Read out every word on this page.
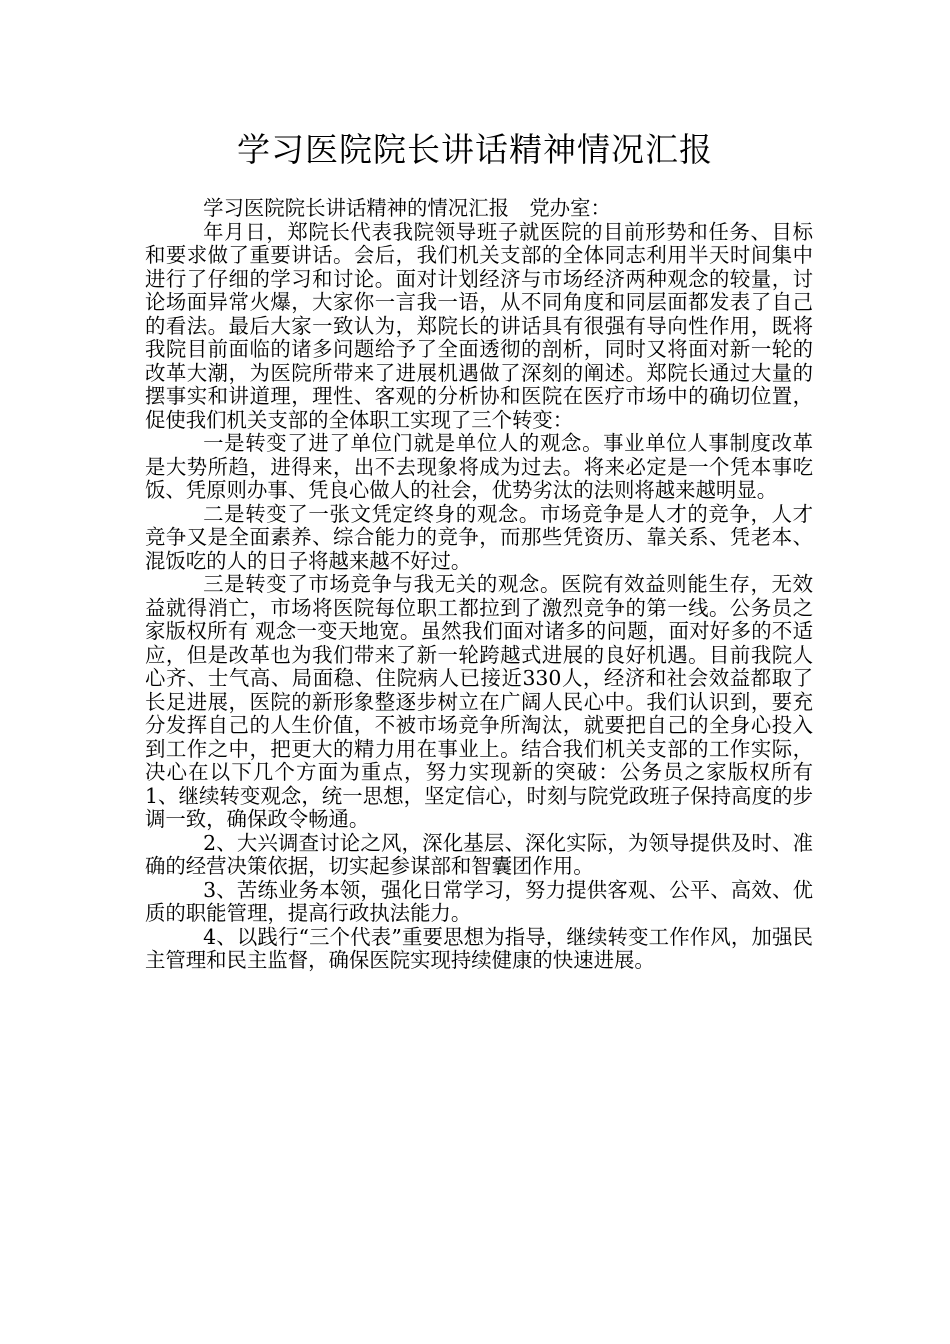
学习医院院长讲话精神情况汇报

学习医院院长讲话精神的情况汇报　党办室：

年月日，郑院长代表我院领导班子就医院的目前形势和任务、目标和要求做了重要讲话。会后，我们机关支部的全体同志利用半天时间集中进行了仔细的学习和讨论。面对计划经济与市场经济两种观念的较量，讨论场面异常火爆，大家你一言我一语，从不同角度和同层面都发表了自己的看法。最后大家一致认为，郑院长的讲话具有很强有导向性作用，既将我院目前面临的诸多问题给予了全面透彻的剖析，同时又将面对新一轮的改革大潮，为医院所带来了进展机遇做了深刻的阐述。郑院长通过大量的摆事实和讲道理，理性、客观的分析协和医院在医疗市场中的确切位置，促使我们机关支部的全体职工实现了三个转变：

一是转变了进了单位门就是单位人的观念。事业单位人事制度改革是大势所趋，进得来，出不去现象将成为过去。将来必定是一个凭本事吃饭、凭原则办事、凭良心做人的社会，优势劣汰的法则将越来越明显。

二是转变了一张文凭定终身的观念。市场竞争是人才的竞争，人才竞争又是全面素养、综合能力的竞争，而那些凭资历、靠关系、凭老本、混饭吃的人的日子将越来越不好过。

三是转变了市场竞争与我无关的观念。医院有效益则能生存，无效益就得消亡，市场将医院每位职工都拉到了激烈竞争的第一线。公务员之家版权所有 观念一变天地宽。虽然我们面对诸多的问题，面对好多的不适应，但是改革也为我们带来了新一轮跨越式进展的良好机遇。目前我院人心齐、士气高、局面稳、住院病人已接近330人，经济和社会效益都取了长足进展，医院的新形象整逐步树立在广阔人民心中。我们认识到，要充分发挥自己的人生价值，不被市场竞争所淘汰，就要把自己的全身心投入到工作之中，把更大的精力用在事业上。结合我们机关支部的工作实际，决心在以下几个方面为重点，努力实现新的突破：公务员之家版权所有 1、继续转变观念，统一思想，坚定信心，时刻与院党政班子保持高度的步调一致，确保政令畅通。

2、大兴调查讨论之风，深化基层、深化实际，为领导提供及时、准确的经营决策依据，切实起参谋部和智囊团作用。

3、苦练业务本领，强化日常学习，努力提供客观、公平、高效、优质的职能管理，提高行政执法能力。

4、以践行“三个代表”重要思想为指导，继续转变工作作风，加强民主管理和民主监督，确保医院实现持续健康的快速进展。
